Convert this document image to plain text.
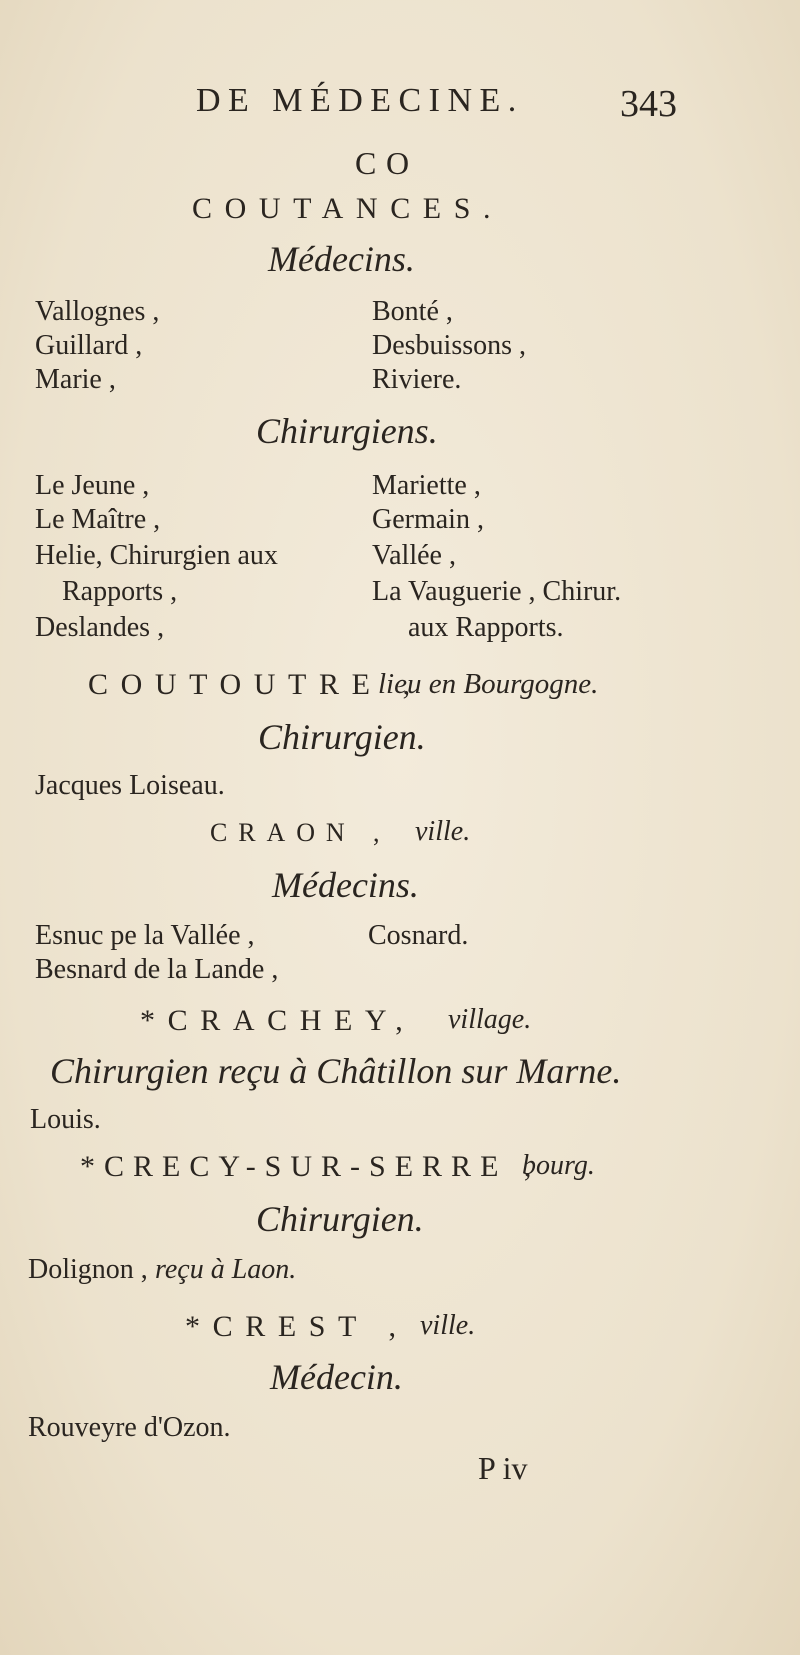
DE MÉDECINE.	343
CO
COUTANCES.
Médecins.
Vallognes ,
Guillard ,
Marie ,
Bonté ,
Desbuissons ,
Riviere.
Chirurgiens.
Le Jeune ,
Le Maître ,
Helie, Chirurgien aux
Rapports ,
Deslandes ,
Mariette ,
Germain ,
Vallée ,
La Vauguerie , Chirur.
aux Rapports.
COUTOUTRE ,
lieu en Bourgogne.
Chirurgien.
Jacques Loiseau.
CRAON , ville.
Médecins.
Esnuc pe la Vallée ,
Besnard de la Lande ,
Cosnard.
*CRACHEY, village.
Chirurgien reçu à Châtillon sur Marne.
Louis.
*CRECY-SUR-SERRE ,
bourg.
Chirurgien.
Dolignon , reçu à Laon.
*CREST , ville.
Médecin.
Rouveyre d'Ozon.
P iv
